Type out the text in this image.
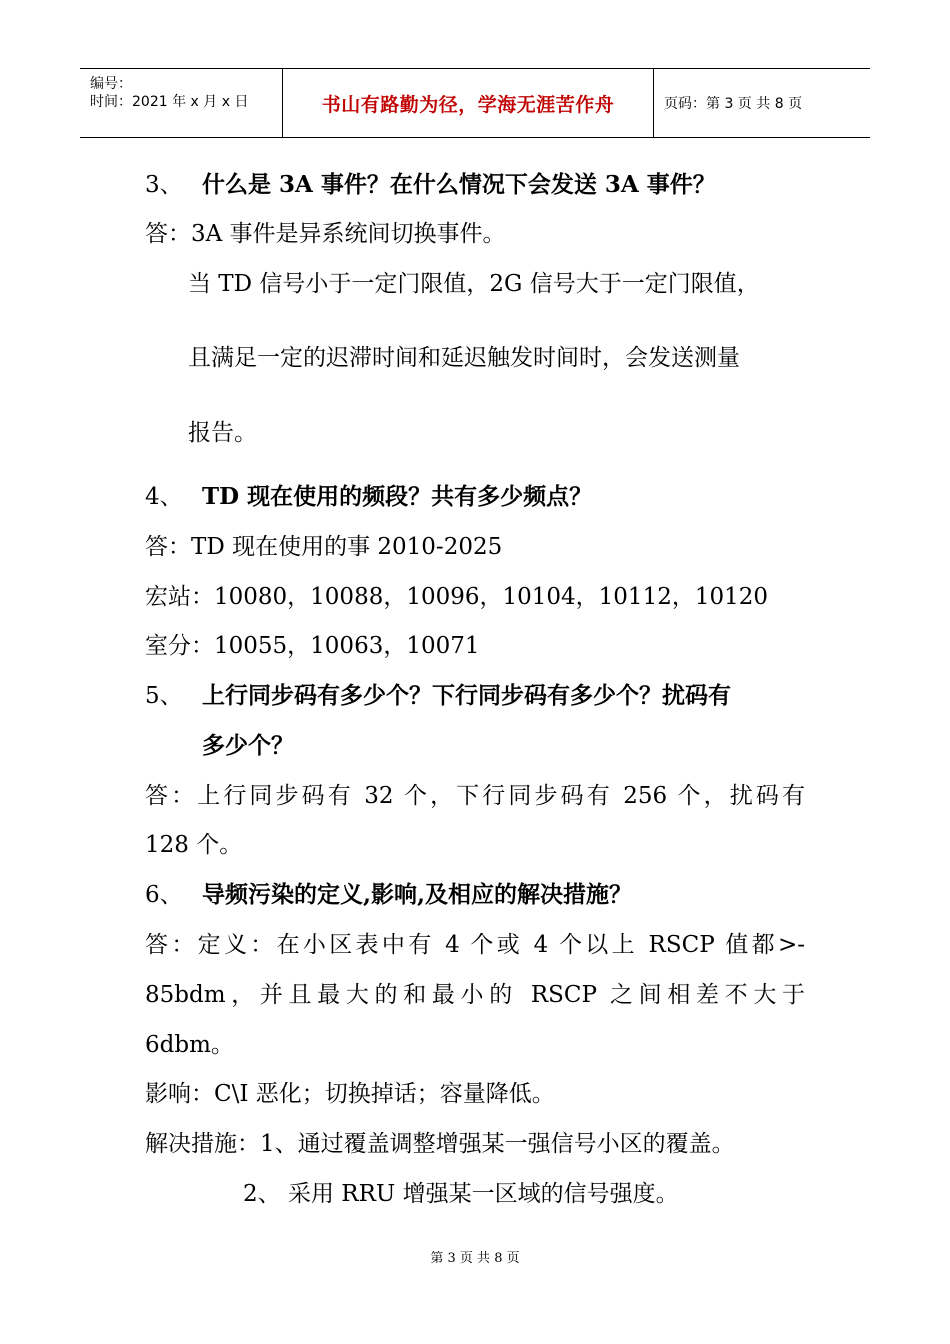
编号：
时间：2021 年 x 月 x 日	书山有路勤为径，学海无涯苦作舟	页码：第 3 页 共 8 页
3、 什么是 3A 事件？在什么情况下会发送 3A 事件？
答：3A 事件是异系统间切换事件。
当 TD 信号小于一定门限值，2G 信号大于一定门限值，
且满足一定的迟滞时间和延迟触发时间时，会发送测量
报告。
4、 TD 现在使用的频段？共有多少频点？
答：TD 现在使用的事 2010-2025
宏站：10080，10088，10096，10104，10112，10120
室分：10055，10063，10071
5、 上行同步码有多少个？下行同步码有多少个？扰码有
多少个？
答：上行同步码有 32 个，下行同步码有 256 个，扰码有
128 个。
6、 导频污染的定义,影响,及相应的解决措施？
答：定义：在小区表中有 4 个或 4 个以上 RSCP 值都>-
85bdm，并且最大的和最小的 RSCP 之间相差不大于
6dbm。
影响：C\I 恶化；切换掉话；容量降低。
解决措施：1、通过覆盖调整增强某一强信号小区的覆盖。
2、 采用 RRU 增强某一区域的信号强度。
第 3 页 共 8 页
